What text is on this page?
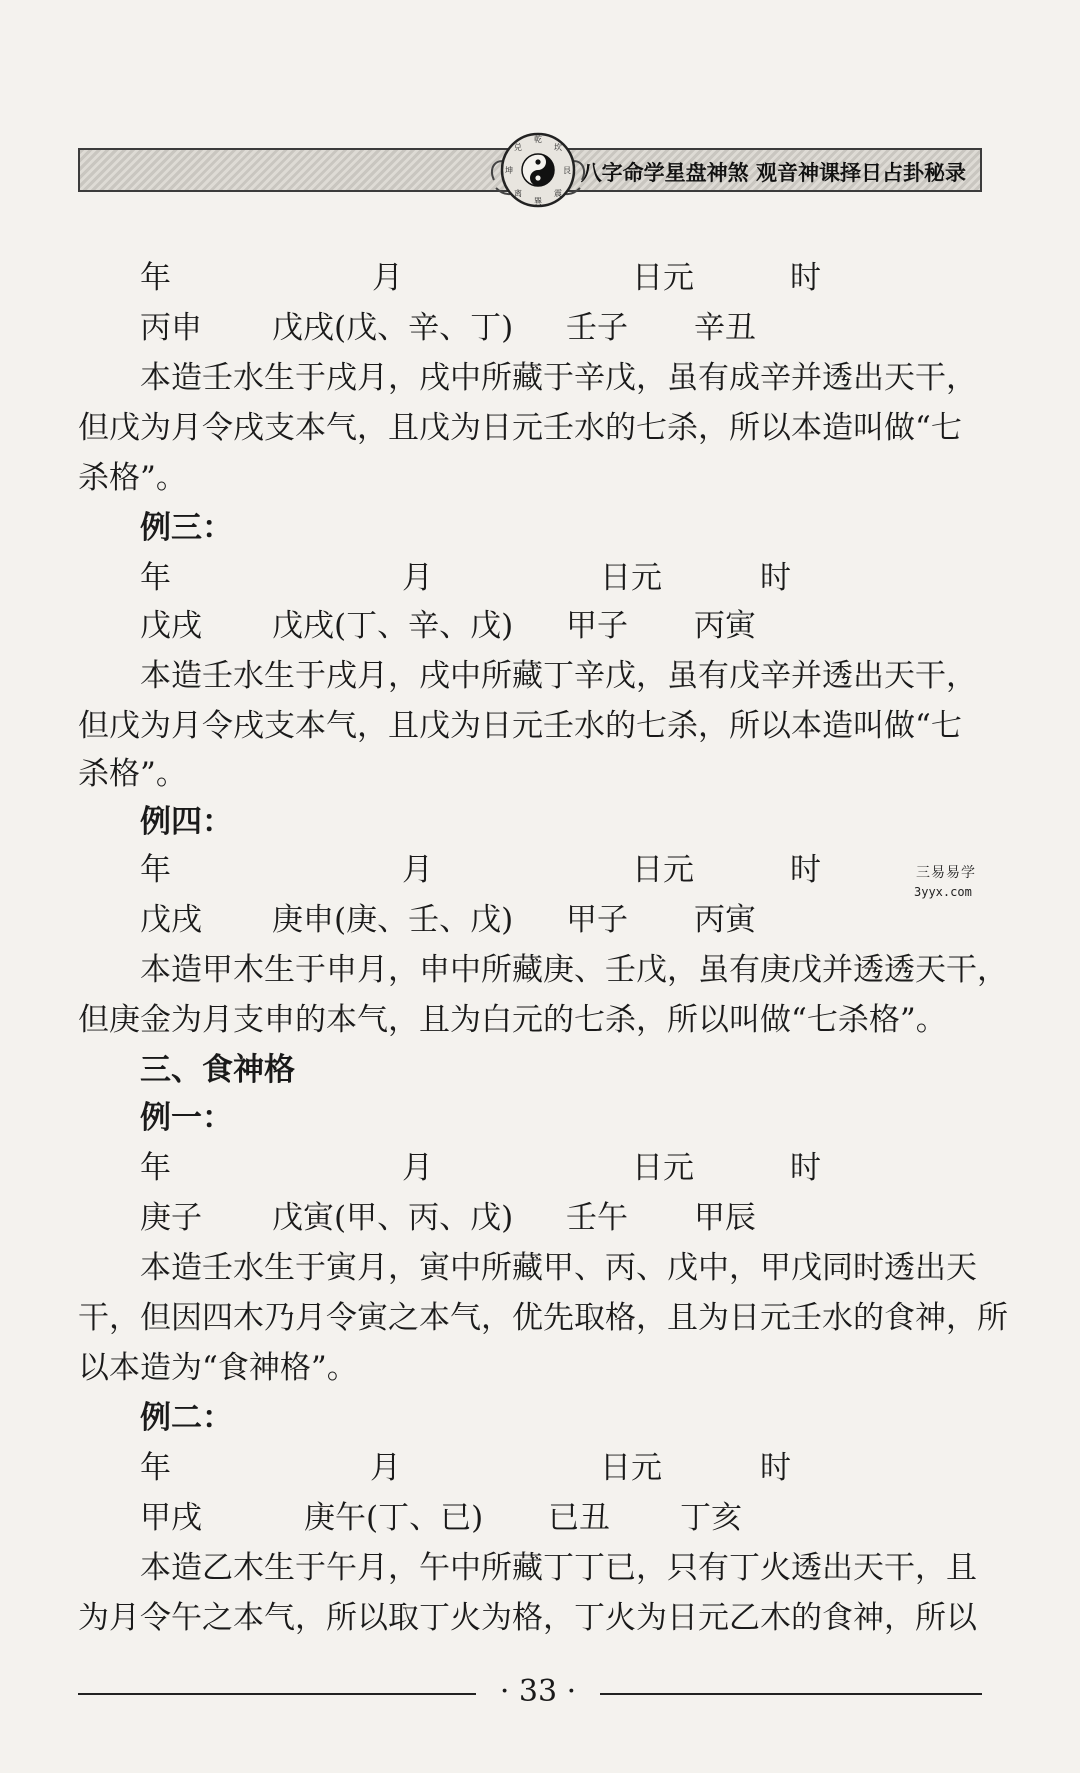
八字命学星盘神煞 观音神课择日占卦秘录
乾
坎
艮
震
巽
离
坤
兑
年	月	日元	时
丙申 戊戌(戊、辛、丁) 壬子 辛丑
本造壬水生于戌月，戌中所藏于辛戊，虽有成辛并透出天干，
但戊为月令戌支本气，且戊为日元壬水的七杀，所以本造叫做“七
杀格”。
例三：
年	月	日元	时
戊戌 戊戌(丁、辛、戊) 甲子 丙寅
本造壬水生于戌月，戌中所藏丁辛戊，虽有戊辛并透出天干，
但戊为月令戌支本气，且戊为日元壬水的七杀，所以本造叫做“七
杀格”。
例四：
年	月	日元	时
戊戌 庚申(庚、壬、戊) 甲子 丙寅
本造甲木生于申月，申中所藏庚、壬戊，虽有庚戊并透透天干，
但庚金为月支申的本气，且为白元的七杀，所以叫做“七杀格”。
三、食神格
例一：
年	月	日元	时
庚子 戊寅(甲、丙、戊) 壬午 甲辰
本造壬水生于寅月，寅中所藏甲、丙、戊中，甲戊同时透出天
干，但因四木乃月令寅之本气，优先取格，且为日元壬水的食神，所
以本造为“食神格”。
例二：
年	月	日元	时
甲戌	庚午(丁、已) 已丑 丁亥
本造乙木生于午月，午中所藏丁丁已，只有丁火透出天干，且
为月令午之本气，所以取丁火为格，丁火为日元乙木的食神，所以
三易易学
3yyx.com
· 33 ·
